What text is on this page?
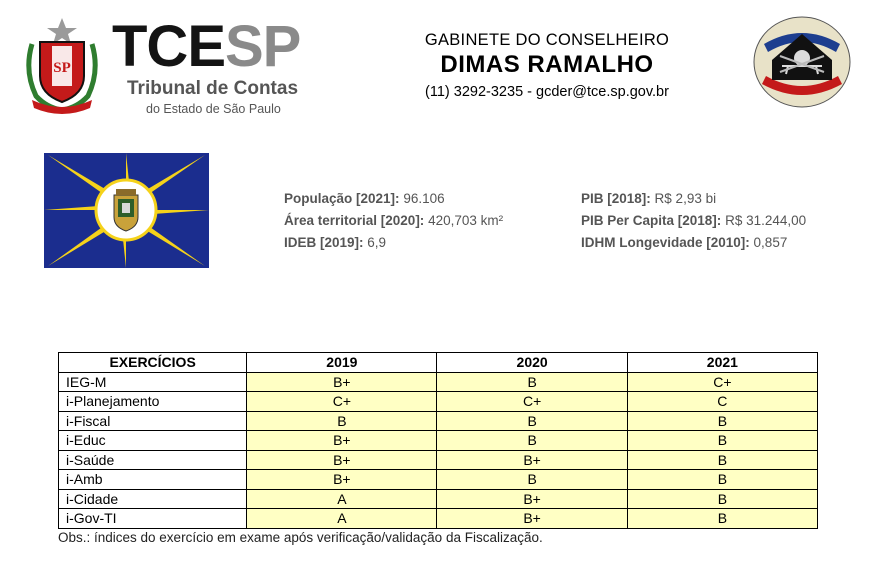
SP TCESP
Tribunal de Contas
do Estado de São Paulo
GABINETE DO CONSELHEIRO
DIMAS RAMALHO
(11) 3292-3235 - gcder@tce.sp.gov.br
População [2021]: 96.106
Área territorial [2020]: 420,703 km²
IDEB [2019]: 6,9
PIB [2018]: R$ 2,93 bi
PIB Per Capita [2018]: R$ 31.244,00
IDHM Longevidade [2010]: 0,857
EXERCÍCIOS	2019	2020	2021
IEG-M	B+	B	C+
i-Planejamento	C+	C+	C
i-Fiscal	B	B	B
i-Educ	B+	B	B
i-Saúde	B+	B+	B
i-Amb	B+	B	B
i-Cidade	A	B+	B
i-Gov-TI	A	B+	B
Obs.: índices do exercício em exame após verificação/validação da Fiscalização.
